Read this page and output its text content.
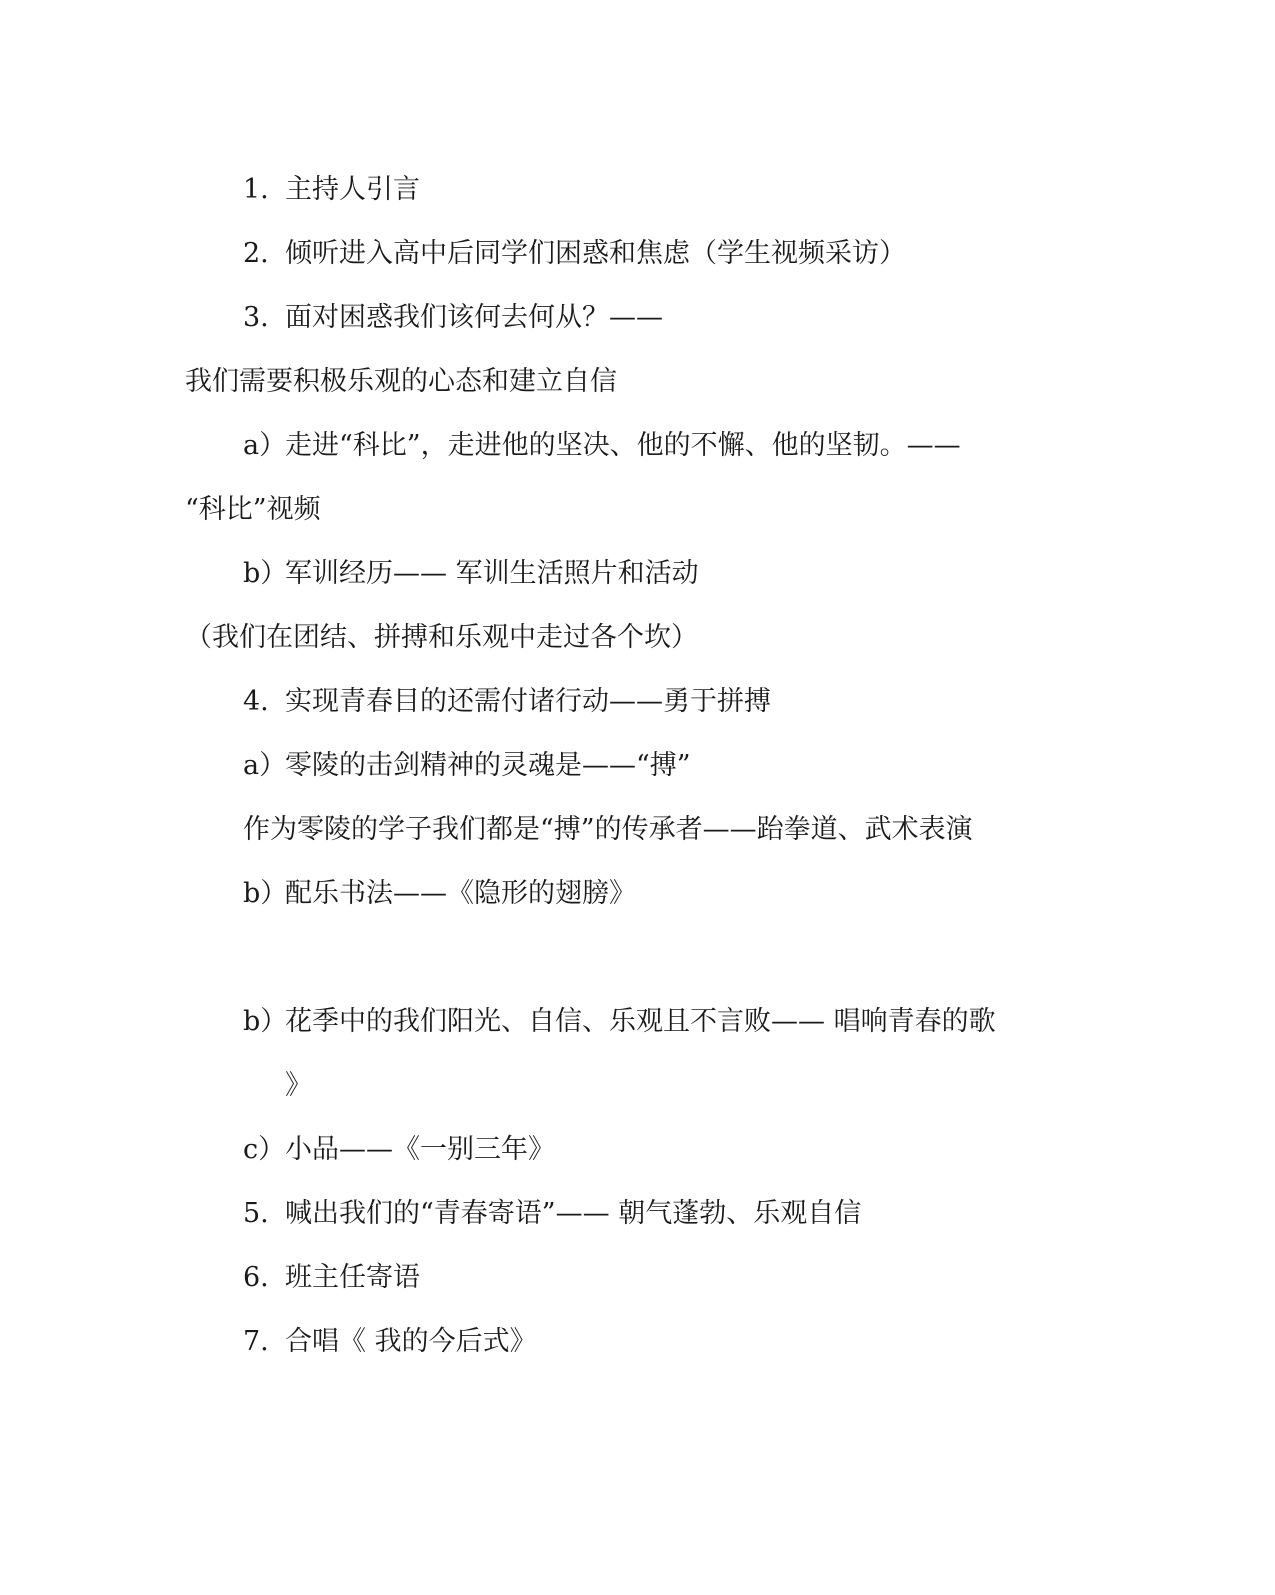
1. 主持人引言
2. 倾听进入高中后同学们困惑和焦虑（学生视频采访）
3. 面对困惑我们该何去何从？——
我们需要积极乐观的心态和建立自信
a）
走进“科比”，走进他的坚决、他的不懈、他的坚韧。——
“科比”视频
b）
军训经历—— 军训生活照片和活动
（我们在团结、拼搏和乐观中走过各个坎）
4. 实现青春目的还需付诸行动——勇于拼搏
a）
零陵的击剑精神的灵魂是——“搏”
作为零陵的学子我们都是“搏”的传承者——跆拳道、武术表演
b）
配乐书法——《隐形的翅膀》
b）
花季中的我们阳光、自信、乐观且不言败—— 唱响青春的歌
》
c） 小品——《一别三年》
5. 喊出我们的“青春寄语”—— 朝气蓬勃、乐观自信
6. 班主任寄语
7. 合唱《 我的今后式》
